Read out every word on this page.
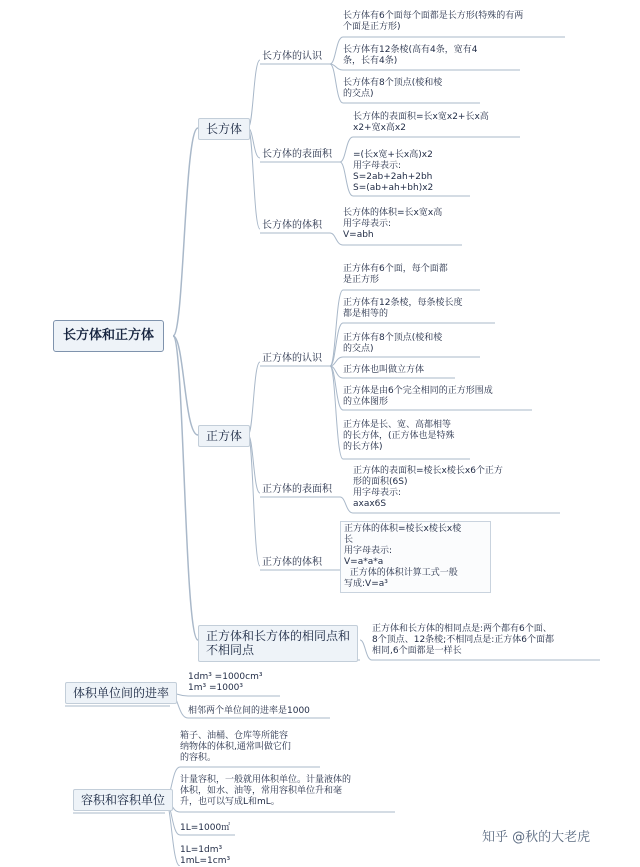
长方体和正方体
长方体
正方体
正方体和长方体的相同点和
不相同点
体积单位间的进率
容积和容积单位
长方体的认识
长方体的表面积
长方体的体积
正方体的认识
正方体的表面积
正方体的体积
长方体有6个面每个面都是长方形(特殊的有两
个面是正方形)
长方体有12条棱(高有4条，宽有4
条，长有4条)
长方体有8个顶点(棱和棱
的交点)
长方体的表面积=长x宽x2+长x高
x2+宽x高x2
=(长x宽+长x高)x2
用字母表示:
S=2ab+2ah+2bh
S=(ab+ah+bh)x2
长方体的体积=长x宽x高
用字母表示:
V=abh
正方体有6个面，每个面都
是正方形
正方体有12条棱，每条棱长度
都是相等的
正方体有8个顶点(棱和棱
的交点)
正方体也叫做立方体
正方体是由6个完全相同的正方形围成
的立体图形
正方体是长、宽、高都相等
的长方体，(正方体也是特殊
的长方体)
正方体的表面积=棱长x棱长x6个正方
形的面积(6S)
用字母表示:
axax6S
正方体的体积=棱长x棱长x棱
长
用字母表示:
V=a*a*a
正方体的体积计算工式一般
写成:V=a³
正方体和长方体的相同点是:两个都有6个面、
8个顶点、12条棱;不相同点是:正方体6个面都
相同,6个面都是一样长
1dm³ =1000cm³
1m³ =1000³
相邻两个单位间的进率是1000
箱子、油桶、仓库等所能容
纳物体的体积,通常叫做它们
的容积。
计量容积，一般就用体积单位。计量液体的
体积，如水、油等，常用容积单位升和毫
升，也可以写成L和mL。
1L=1000㎡
1L=1dm³
1mL=1cm³
知乎 @秋的大老虎
